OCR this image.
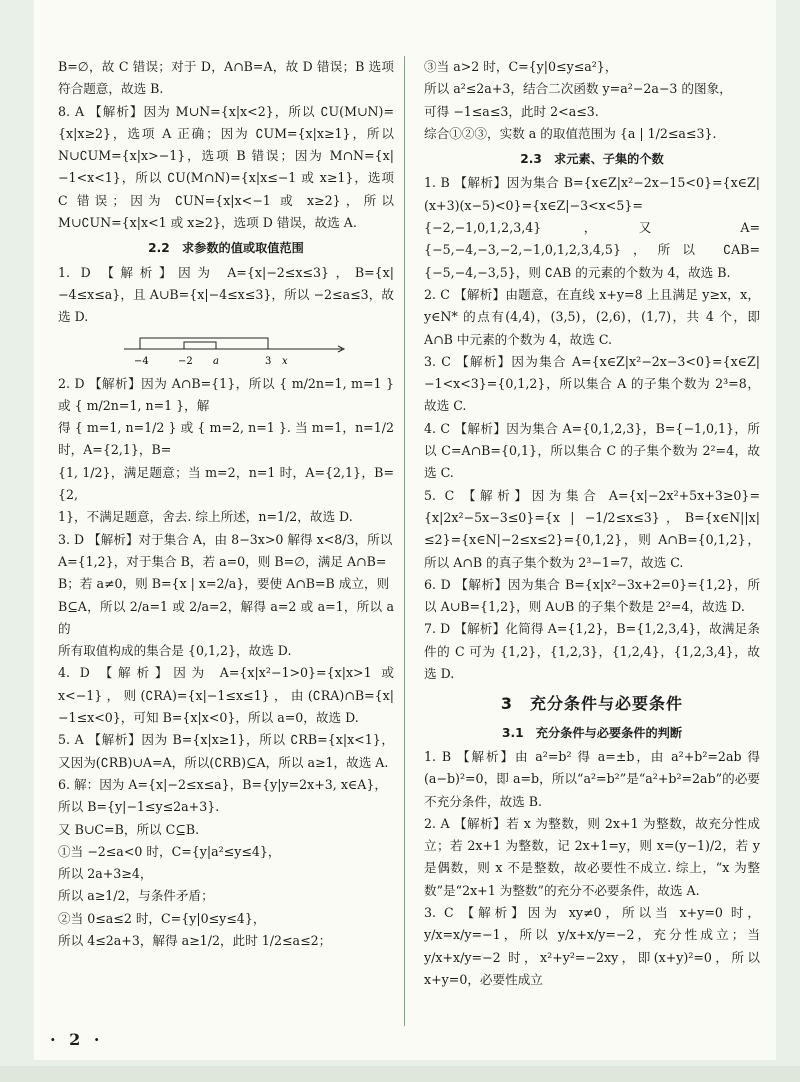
B=∅，故 C 错误；对于 D，A∩B=A，故 D 错误；B 选项符合题意，故选 B.

8. A 【解析】因为 M∪N={x|x<2}，所以 ∁U(M∪N)={x|x≥2}，选项 A 正确；因为 ∁UM={x|x≥1}，所以 N∪∁UM={x|x>−1}，选项 B 错误；因为 M∩N={x|−1<x<1}，所以 ∁U(M∩N)={x|x≤−1 或 x≥1}，选项 C 错误；因为 ∁UN={x|x<−1 或 x≥2}，所以 M∪∁UN={x|x<1 或 x≥2}，选项 D 错误，故选 A.

2.2　求参数的值或取值范围

1. D 【解析】因为 A={x|−2≤x≤3}，B={x|−4≤x≤a}，且 A∪B={x|−4≤x≤3}，所以 −2≤a≤3，故选 D.

−4	−2 a	3 x

2. D 【解析】因为 A∩B={1}，所以 { m/2n=1, m=1 } 或 { m/2n=1, n=1 }，解

得 { m=1, n=1/2 } 或 { m=2, n=1 }. 当 m=1，n=1/2 时，A={2,1}，B=

{1, 1/2}，满足题意；当 m=2，n=1 时，A={2,1}，B={2,

1}，不满足题意，舍去. 综上所述，n=1/2，故选 D.

3. D 【解析】对于集合 A，由 8−3x>0 解得 x<8/3，所以

A={1,2}，对于集合 B，若 a=0，则 B=∅，满足 A∩B=

B；若 a≠0，则 B={x | x=2/a}，要使 A∩B=B 成立，则

B⊆A，所以 2/a=1 或 2/a=2，解得 a=2 或 a=1，所以 a 的

所有取值构成的集合是 {0,1,2}，故选 D.

4. D 【解析】因为 A={x|x²−1>0}={x|x>1 或 x<−1}，则(∁RA)={x|−1≤x≤1}，由(∁RA)∩B={x|−1≤x<0}，可知 B={x|x<0}，所以 a=0，故选 D.

5. A 【解析】因为 B={x|x≥1}，所以 ∁RB={x|x<1}，又因为(∁RB)∪A=A，所以(∁RB)⊆A，所以 a≥1，故选 A.

6. 解：因为 A={x|−2≤x≤a}，B={y|y=2x+3, x∈A}，

所以 B={y|−1≤y≤2a+3}.

又 B∪C=B，所以 C⊆B.

①当 −2≤a<0 时，C={y|a²≤y≤4}，

所以 2a+3≥4，

所以 a≥1/2，与条件矛盾；

②当 0≤a≤2 时，C={y|0≤y≤4}，

所以 4≤2a+3，解得 a≥1/2，此时 1/2≤a≤2；

③当 a>2 时，C={y|0≤y≤a²}，

所以 a²≤2a+3，结合二次函数 y=a²−2a−3 的图象，

可得 −1≤a≤3，此时 2<a≤3.

综合①②③，实数 a 的取值范围为 {a | 1/2≤a≤3}.

2.3　求元素、子集的个数

1. B 【解析】因为集合 B={x∈Z|x²−2x−15<0}={x∈Z|(x+3)(x−5)<0}={x∈Z|−3<x<5}={−2,−1,0,1,2,3,4}，又 A={−5,−4,−3,−2,−1,0,1,2,3,4,5}，所以 ∁AB={−5,−4,−3,5}，则 ∁AB 的元素的个数为 4，故选 B.

2. C 【解析】由题意，在直线 x+y=8 上且满足 y≥x，x，y∈N* 的点有(4,4)，(3,5)，(2,6)，(1,7)，共 4 个，即 A∩B 中元素的个数为 4，故选 C.

3. C 【解析】因为集合 A={x∈Z|x²−2x−3<0}={x∈Z|−1<x<3}={0,1,2}，所以集合 A 的子集个数为 2³=8，故选 C.

4. C 【解析】因为集合 A={0,1,2,3}，B={−1,0,1}，所以 C=A∩B={0,1}，所以集合 C 的子集个数为 2²=4，故选 C.

5. C 【解析】因为集合 A={x|−2x²+5x+3≥0}={x|2x²−5x−3≤0}={x | −1/2≤x≤3}，B={x∈N||x|≤2}={x∈N|−2≤x≤2}={0,1,2}，则 A∩B={0,1,2}，所以 A∩B 的真子集个数为 2³−1=7，故选 C.

6. D 【解析】因为集合 B={x|x²−3x+2=0}={1,2}，所以 A∪B={1,2}，则 A∪B 的子集个数是 2²=4，故选 D.

7. D 【解析】化简得 A={1,2}，B={1,2,3,4}，故满足条件的 C 可为 {1,2}，{1,2,3}，{1,2,4}，{1,2,3,4}，故选 D.

3　充分条件与必要条件
3.1　充分条件与必要条件的判断

1. B 【解析】由 a²=b² 得 a=±b，由 a²+b²=2ab 得 (a−b)²=0，即 a=b，所以“a²=b²”是“a²+b²=2ab”的必要不充分条件，故选 B.

2. A 【解析】若 x 为整数，则 2x+1 为整数，故充分性成立；若 2x+1 为整数，记 2x+1=y，则 x=(y−1)/2，若 y 是偶数，则 x 不是整数，故必要性不成立. 综上，“x 为整数”是“2x+1 为整数”的充分不必要条件，故选 A.

3. C 【解析】因为 xy≠0，所以当 x+y=0 时，y/x=x/y=−1，所以 y/x+x/y=−2，充分性成立；当 y/x+x/y=−2 时，x²+y²=−2xy，即(x+y)²=0，所以 x+y=0，必要性成立

· 2 ·
